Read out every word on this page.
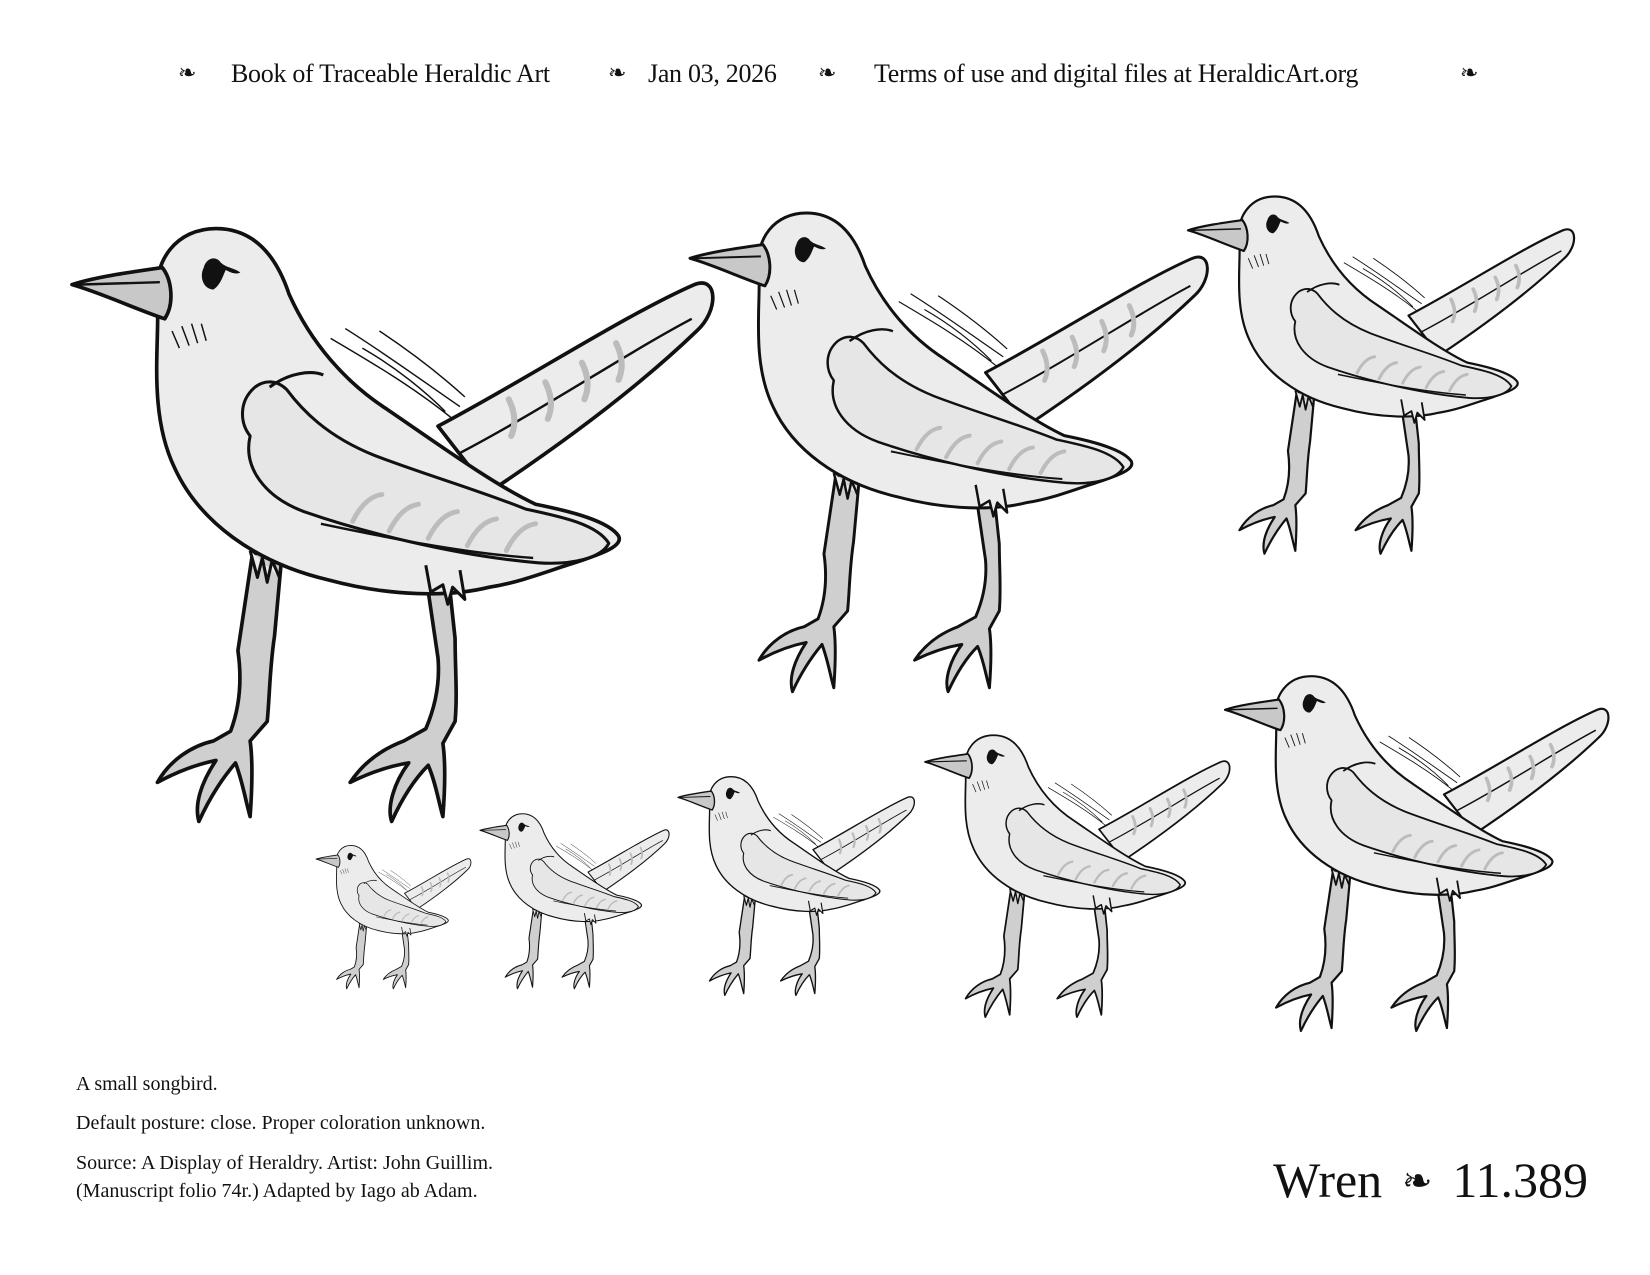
❧ Book of Traceable Heraldic Art	❧ Jan 03, 2026 ❧ Terms of use and digital files at HeraldicArt.org	❧

A small songbird.

Default posture: close. Proper coloration unknown.

Source: A Display of Heraldry. Artist: John Guillim.

(Manuscript folio 74r.) Adapted by Iago ab Adam.	Wren ❧ 11.389
